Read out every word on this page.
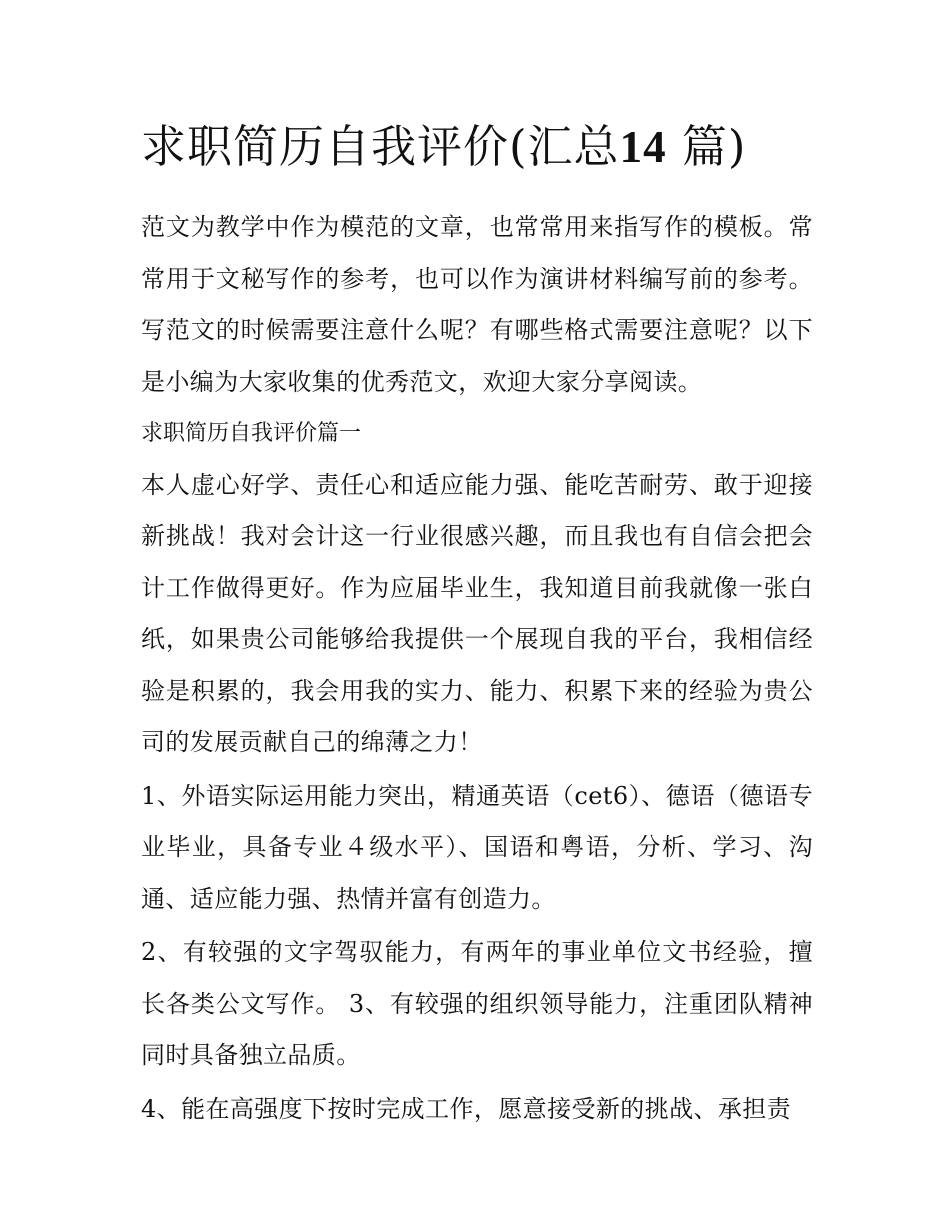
求职简历自我评价(汇总14 篇)

范文为教学中作为模范的文章，也常常用来指写作的模板。常常用于文秘写作的参考，也可以作为演讲材料编写前的参考。写范文的时候需要注意什么呢？有哪些格式需要注意呢？以下是小编为大家收集的优秀范文，欢迎大家分享阅读。

求职简历自我评价篇一

本人虚心好学、责任心和适应能力强、能吃苦耐劳、敢于迎接新挑战！我对会计这一行业很感兴趣，而且我也有自信会把会计工作做得更好。作为应届毕业生，我知道目前我就像一张白纸，如果贵公司能够给我提供一个展现自我的平台，我相信经验是积累的，我会用我的实力、能力、积累下来的经验为贵公司的发展贡献自己的绵薄之力！

1、外语实际运用能力突出，精通英语（cet6）、德语（德语专业毕业，具备专业４级水平）、国语和粤语，分析、学习、沟通、适应能力强、热情并富有创造力。

2、有较强的文字驾驭能力，有两年的事业单位文书经验，擅长各类公文写作。 3、有较强的组织领导能力，注重团队精神同时具备独立品质。

4、能在高强度下按时完成工作，愿意接受新的挑战、承担责
